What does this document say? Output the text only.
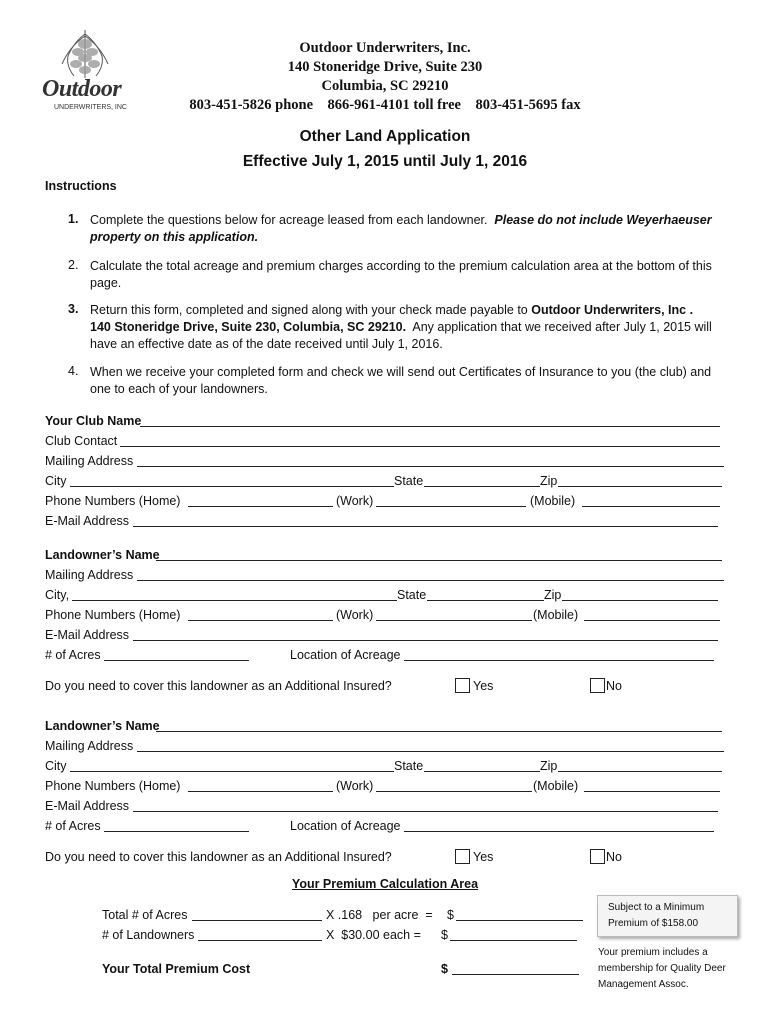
Outdoor
UNDERWRITERS, INC
Outdoor Underwriters, Inc.
140 Stoneridge Drive, Suite 230
Columbia, SC 29210
803-451-5826 phone    866-961-4101 toll free    803-451-5695 fax
Other Land Application
Effective July 1, 2015 until July 1, 2016
Instructions
1. Complete the questions below for acreage leased from each landowner.  Please do not include Weyerhaeuser property on this application.
2. Calculate the total acreage and premium charges according to the premium calculation area at the bottom of this page.
3. Return this form, completed and signed along with your check made payable to Outdoor Underwriters, Inc . 140 Stoneridge Drive, Suite 230, Columbia, SC 29210.  Any application that we received after July 1, 2015 will have an effective date as of the date received until July 1, 2016.
4. When we receive your completed form and check we will send out Certificates of Insurance to you (the club) and one to each of your landowners.
Your Club Name
Club Contact
Mailing Address
City	State	Zip
Phone Numbers (Home)	(Work)	(Mobile)
E-Mail Address
Landowner’s Name
Mailing Address
City,	State	Zip
Phone Numbers (Home)	(Work)	(Mobile)
E-Mail Address
# of Acres	Location of Acreage
Do you need to cover this landowner as an Additional Insured?	Yes	No
Landowner’s Name
Mailing Address
City	State	Zip
Phone Numbers (Home)	(Work)	(Mobile)
E-Mail Address
# of Acres	Location of Acreage
Do you need to cover this landowner as an Additional Insured?	Yes	No
Your Premium Calculation Area
Total # of Acres	X .168   per acre  = $
# of Landowners	X  $30.00 each = $
Your Total Premium Cost	$
Subject to a Minimum Premium of $158.00
Your premium includes a membership for Quality Deer Management Assoc.
